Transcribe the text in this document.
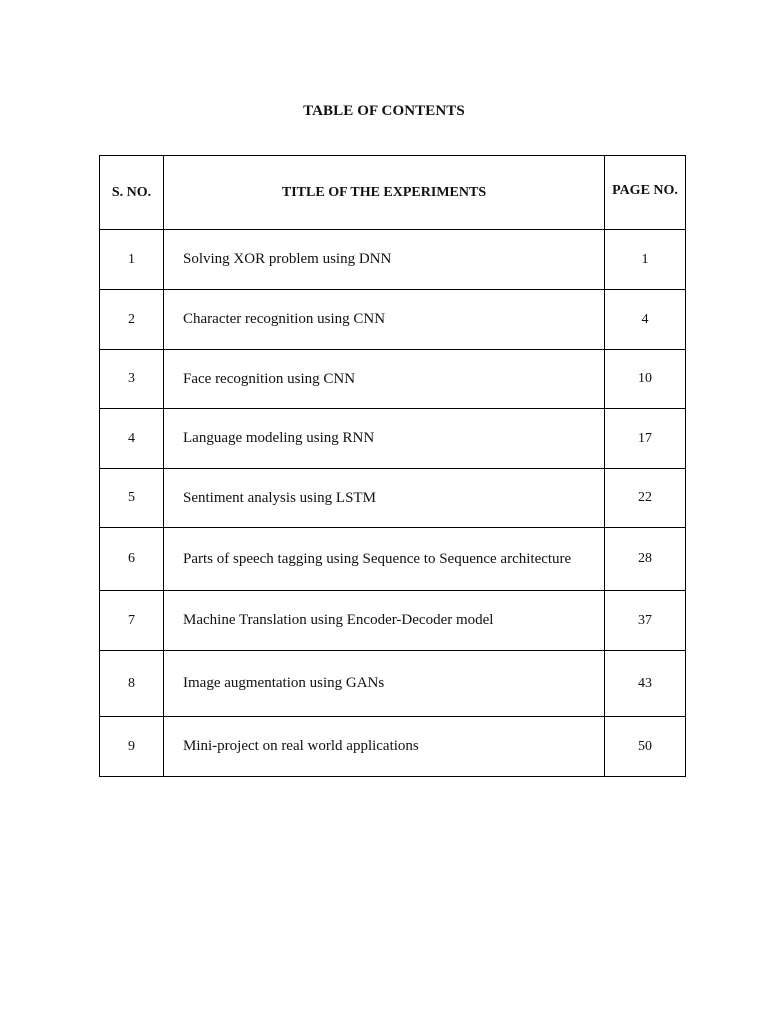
TABLE OF CONTENTS
S. NO.	TITLE OF THE EXPERIMENTS	PAGE NO.
1	Solving XOR problem using DNN	1
2	Character recognition using CNN	4
3	Face recognition using CNN	10
4	Language modeling using RNN	17
5	Sentiment analysis using LSTM	22
6	Parts of speech tagging using Sequence to Sequence architecture	28
7	Machine Translation using Encoder-Decoder model	37
8	Image augmentation using GANs	43
9	Mini-project on real world applications	50
